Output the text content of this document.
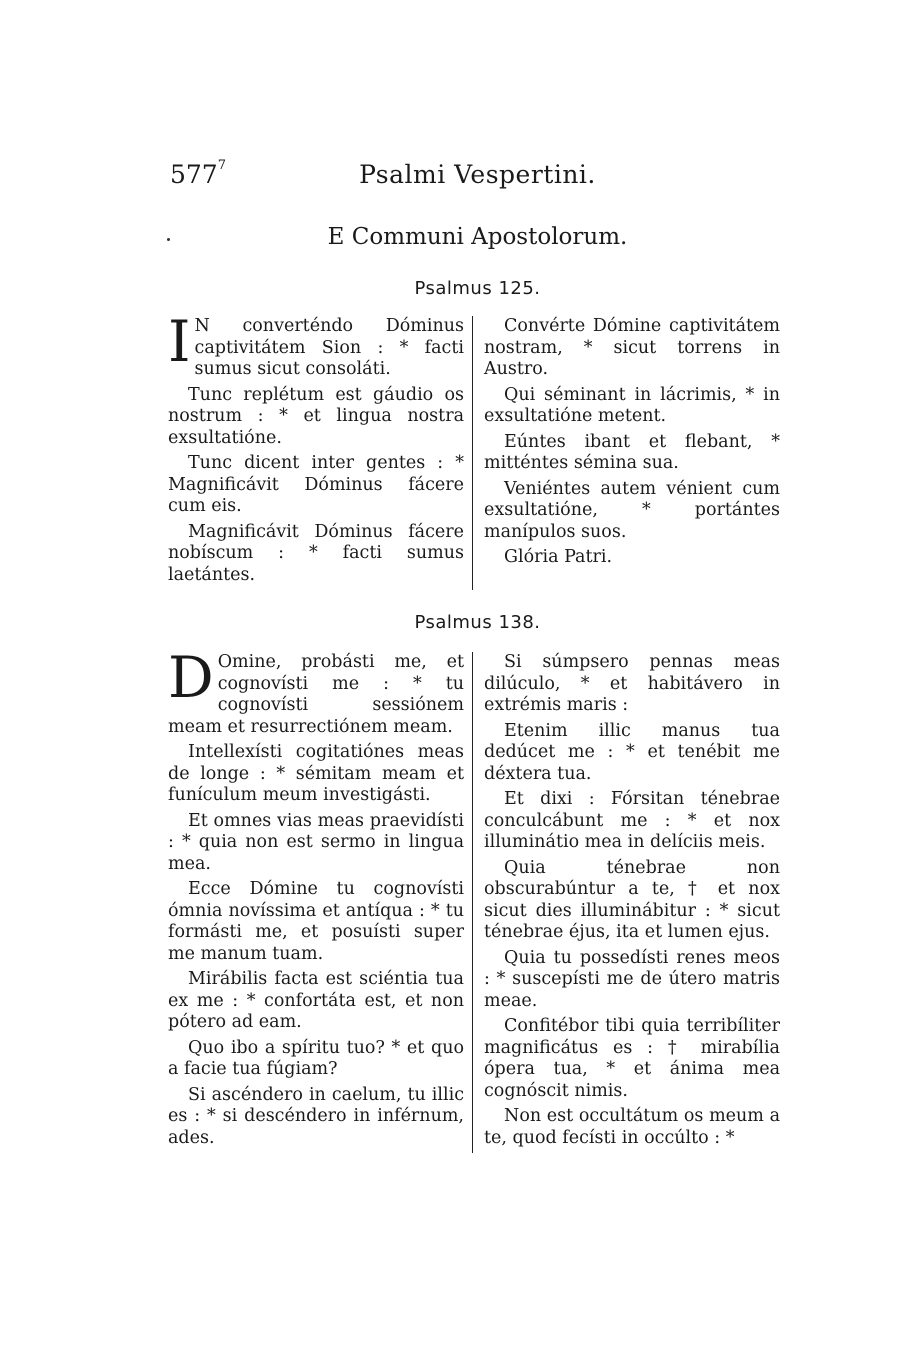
$577^7$	Psalmi Vespertini.
E Communi Apostolorum.
Psalmus 125.

I N converténdo Dóminus captivitátem Sion : * facti sumus sicut consoláti.

Tunc replétum est gáudio os nostrum : * et lingua nostra exsultatióne.

Tunc dicent inter gentes : * Magnificávit Dóminus fácere cum eis.

Magnificávit Dóminus fácere nobíscum : * facti sumus laetántes.

Convérte Dómine captivitátem nostram, * sicut torrens in Austro.

Qui séminant in lácrimis, * in exsultatióne metent.

Eúntes ibant et flebant, * mitténtes sémina sua.

Veniéntes autem vénient cum exsultatióne, * portántes manípulos suos.

Glória Patri.

Psalmus 138.

D Omine, probásti me, et cognovísti me : * tu cognovísti sessiónem meam et resurrectiónem meam.

Intellexísti cogitatiónes meas de longe : * sémitam meam et funículum meum investigásti.

Et omnes vias meas praevidísti : * quia non est sermo in lingua mea.

Ecce Dómine tu cognovísti ómnia novíssima et antíqua : * tu formásti me, et posuísti super me manum tuam.

Mirábilis facta est sciéntia tua ex me : * confortáta est, et non pótero ad eam.

Quo ibo a spíritu tuo? * et quo a facie tua fúgiam?

Si ascéndero in caelum, tu illic es : * si descéndero in inférnum, ades.

Si súmpsero pennas meas dilúculo, * et habitávero in extrémis maris :

Etenim illic manus tua dedúcet me : * et tenébit me déxtera tua.

Et dixi : Fórsitan ténebrae conculcábunt me : * et nox illuminátio mea in delíciis meis.

Quia ténebrae non obscurabúntur a te, † et nox sicut dies illuminábitur : * sicut ténebrae éjus, ita et lumen ejus.

Quia tu possedísti renes meos : * suscepísti me de útero matris meae.

Confitébor tibi quia terribíliter magnificátus es : † mirabília ópera tua, * et ánima mea cognóscit nimis.

Non est occultátum os meum a te, quod fecísti in occúlto : *
